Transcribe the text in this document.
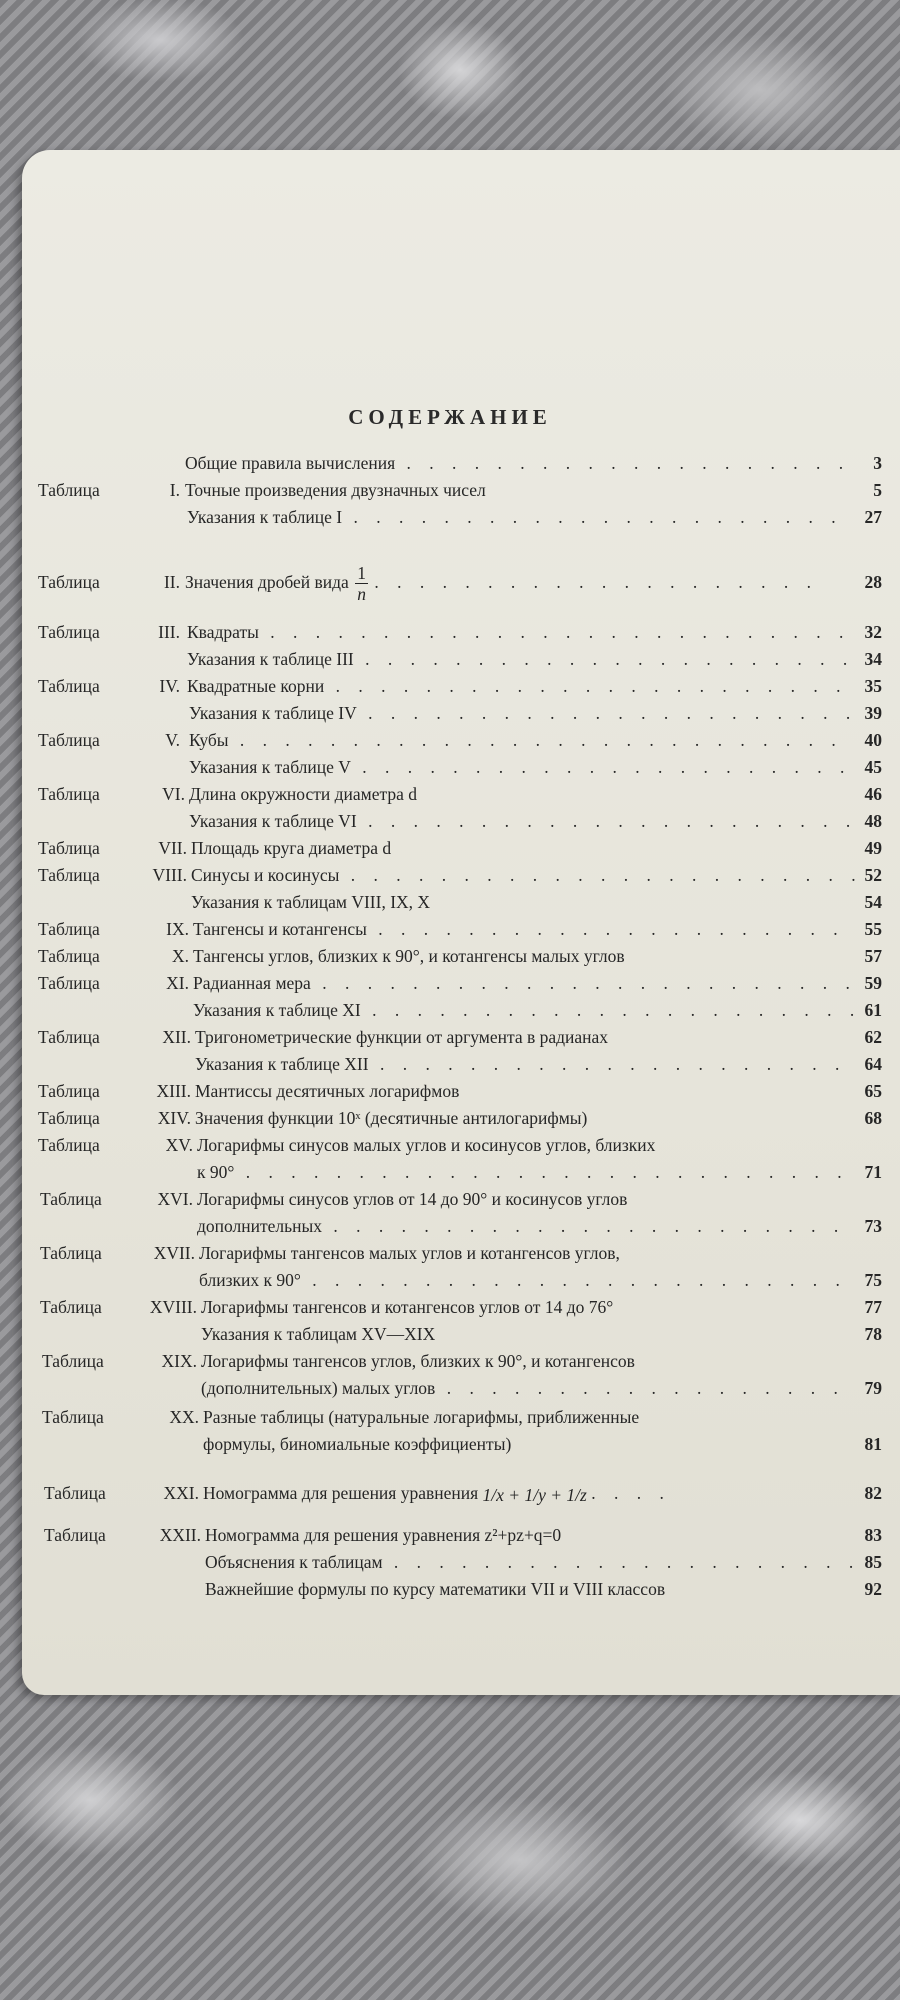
СОДЕРЖАНИЕ
Общие правила вычисления . . .	3
Таблица	I. Точные произведения двузначных чисел	5
Указания к таблице I . . .	27
Таблица	II. Значения дробей вида $\frac{1}{n}$ . . . . . . . . . . . . . . . . . . . .	28
Таблица	III. Квадраты . . .	32
Указания к таблице III . . .	34
Таблица	IV. Квадратные корни . . .	35
Указания к таблице IV . . .	39
Таблица	V. Кубы . . .	40
Указания к таблице V . . .	45
Таблица	VI. Длина окружности диаметра d	46
Указания к таблице VI . . .	48
Таблица	VII. Площадь круга диаметра d	49
Таблица	VIII. Синусы и косинусы . . .	52
Указания к таблицам VIII, IX, X	54
Таблица	IX. Тангенсы и котангенсы . . .	55
Таблица	X. Тангенсы углов, близких к 90°, и котангенсы малых углов	57
Таблица	XI. Радианная мера . . .	59
Указания к таблице XI . . .	61
Таблица	XII. Тригонометрические функции от аргумента в радианах	62
Указания к таблице XII . . .	64
Таблица	XIII. Мантиссы десятичных логарифмов	65
Таблица	XIV. Значения функции 10ˣ (десятичные антилогарифмы)	68
Таблица	XV. Логарифмы синусов малых углов и косинусов углов, близких
к 90° . . .	71
Таблица	XVI. Логарифмы синусов углов от 14 до 90° и косинусов углов
дополнительных . . .	73
Таблица	XVII. Логарифмы тангенсов малых углов и котангенсов углов,
близких к 90° . . .	75
Таблица	XVIII. Логарифмы тангенсов и котангенсов углов от 14 до 76°	77
Указания к таблицам XV—XIX	78
Таблица	XIX. Логарифмы тангенсов углов, близких к 90°, и котангенсов
(дополнительных) малых углов . . .	79
Таблица	XX. Разные таблицы (натуральные логарифмы, приближенные
формулы, биномиальные коэффициенты)	81
Таблица	XXI. Номограмма для решения уравнения 1/x + 1/y + 1/z . . . .	82
Таблица	XXII. Номограмма для решения уравнения z²+pz+q=0	83
Объяснения к таблицам . . .	85
Важнейшие формулы по курсу математики VII и VIII классов	92
